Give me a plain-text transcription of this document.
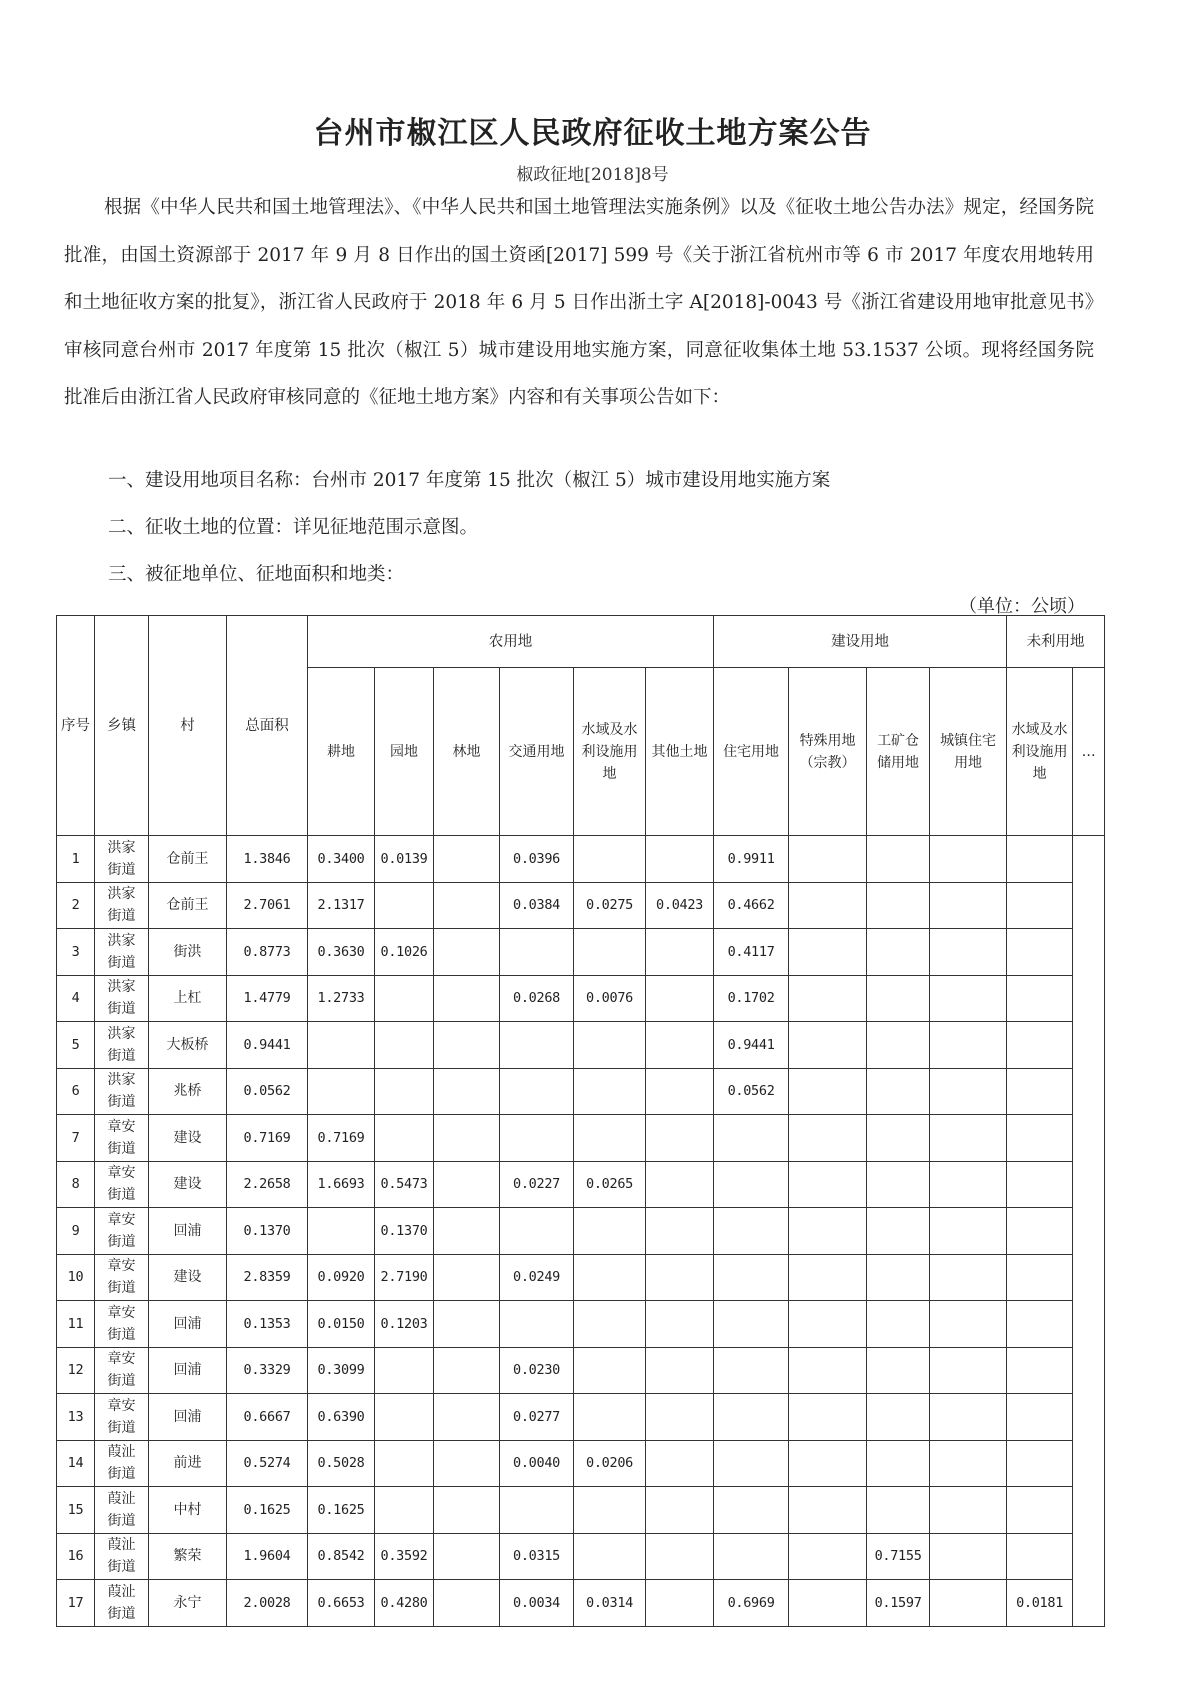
台州市椒江区人民政府征收土地方案公告
椒政征地[2018]8号
根据《中华人民共和国土地管理法》、《中华人民共和国土地管理法实施条例》以及《征收土地公告办法》规定，经国务院批准，由国土资源部于 2017 年 9 月 8 日作出的国土资函[2017] 599 号《关于浙江省杭州市等 6 市 2017 年度农用地转用和土地征收方案的批复》，浙江省人民政府于 2018 年 6 月 5 日作出浙土字 A[2018]-0043 号《浙江省建设用地审批意见书》审核同意台州市 2017 年度第 15 批次（椒江 5）城市建设用地实施方案，同意征收集体土地 53.1537 公顷。现将经国务院批准后由浙江省人民政府审核同意的《征地土地方案》内容和有关事项公告如下：
一、建设用地项目名称：台州市 2017 年度第 15 批次（椒江 5）城市建设用地实施方案
二、征收土地的位置：详见征地范围示意图。
三、被征地单位、征地面积和地类：
（单位：公顷）
序号	乡镇	村	总面积	农用地						建设用地				未利用地	
				耕地	园地	林地	交通用地	水域及水利设施用地	其他土地	住宅用地	特殊用地（宗教）	工矿仓储用地	城镇住宅用地	水域及水利设施用地	…
1	洪家
街道	仓前王	1.3846	0.3400	0.0139		0.0396			0.9911					
2	洪家
街道	仓前王	2.7061	2.1317			0.0384	0.0275	0.0423	0.4662					
3	洪家
街道	街洪	0.8773	0.3630	0.1026					0.4117					
4	洪家
街道	上杠	1.4779	1.2733			0.0268	0.0076		0.1702					
5	洪家
街道	大板桥	0.9441							0.9441					
6	洪家
街道	兆桥	0.0562							0.0562					
7	章安
街道	建设	0.7169	0.7169											
8	章安
街道	建设	2.2658	1.6693	0.5473		0.0227	0.0265							
9	章安
街道	回浦	0.1370		0.1370										
10	章安
街道	建设	2.8359	0.0920	2.7190		0.0249								
11	章安
街道	回浦	0.1353	0.0150	0.1203										
12	章安
街道	回浦	0.3329	0.3099			0.0230								
13	章安
街道	回浦	0.6667	0.6390			0.0277								
14	葭沚
街道	前进	0.5274	0.5028			0.0040	0.0206							
15	葭沚
街道	中村	0.1625	0.1625											
16	葭沚
街道	繁荣	1.9604	0.8542	0.3592		0.0315					0.7155			
17	葭沚
街道	永宁	2.0028	0.6653	0.4280		0.0034	0.0314		0.6969		0.1597		0.0181	
